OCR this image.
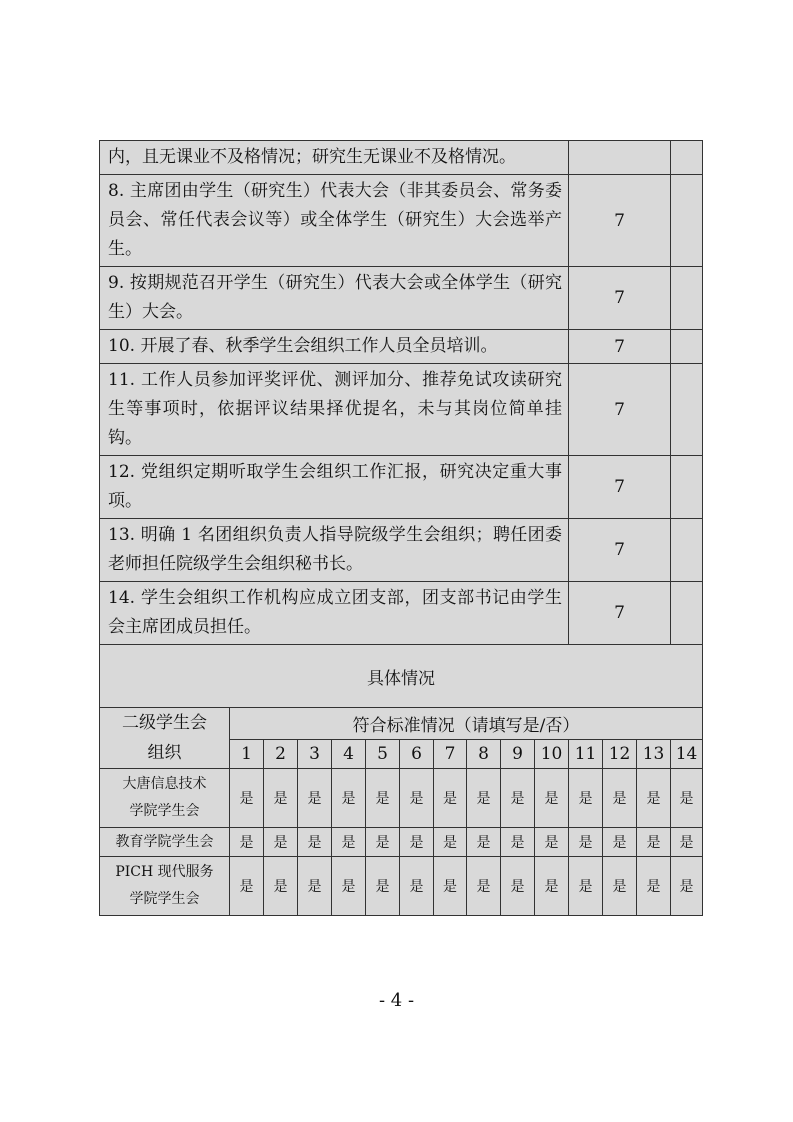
内，且无课业不及格情况；研究生无课业不及格情况。														
8. 主席团由学生（研究生）代表大会（非其委员会、常务委员会、常任代表会议等）或全体学生（研究生）大会选举产生。											7			
9. 按期规范召开学生（研究生）代表大会或全体学生（研究生）大会。											7			
10. 开展了春、秋季学生会组织工作人员全员培训。											7			
11. 工作人员参加评奖评优、测评加分、推荐免试攻读研究生等事项时，依据评议结果择优提名，未与其岗位简单挂钩。											7			
12. 党组织定期听取学生会组织工作汇报，研究决定重大事项。											7			
13. 明确 1 名团组织负责人指导院级学生会组织；聘任团委老师担任院级学生会组织秘书长。											7			
14. 学生会组织工作机构应成立团支部，团支部书记由学生会主席团成员担任。											7			
具体情况														

二级学生会
组织	符合标准情况（请填写是/否）													
	1	2	3	4	5	6	7	8	9	10	11	12	13	14

大唐信息技术
学院学生会	是	是	是	是	是	是	是	是	是	是	是	是	是	是

教育学院学生会	是	是	是	是	是	是	是	是	是	是	是	是	是	是

PICH 现代服务
学院学生会	是	是	是	是	是	是	是	是	是	是	是	是	是	是
- 4 -
